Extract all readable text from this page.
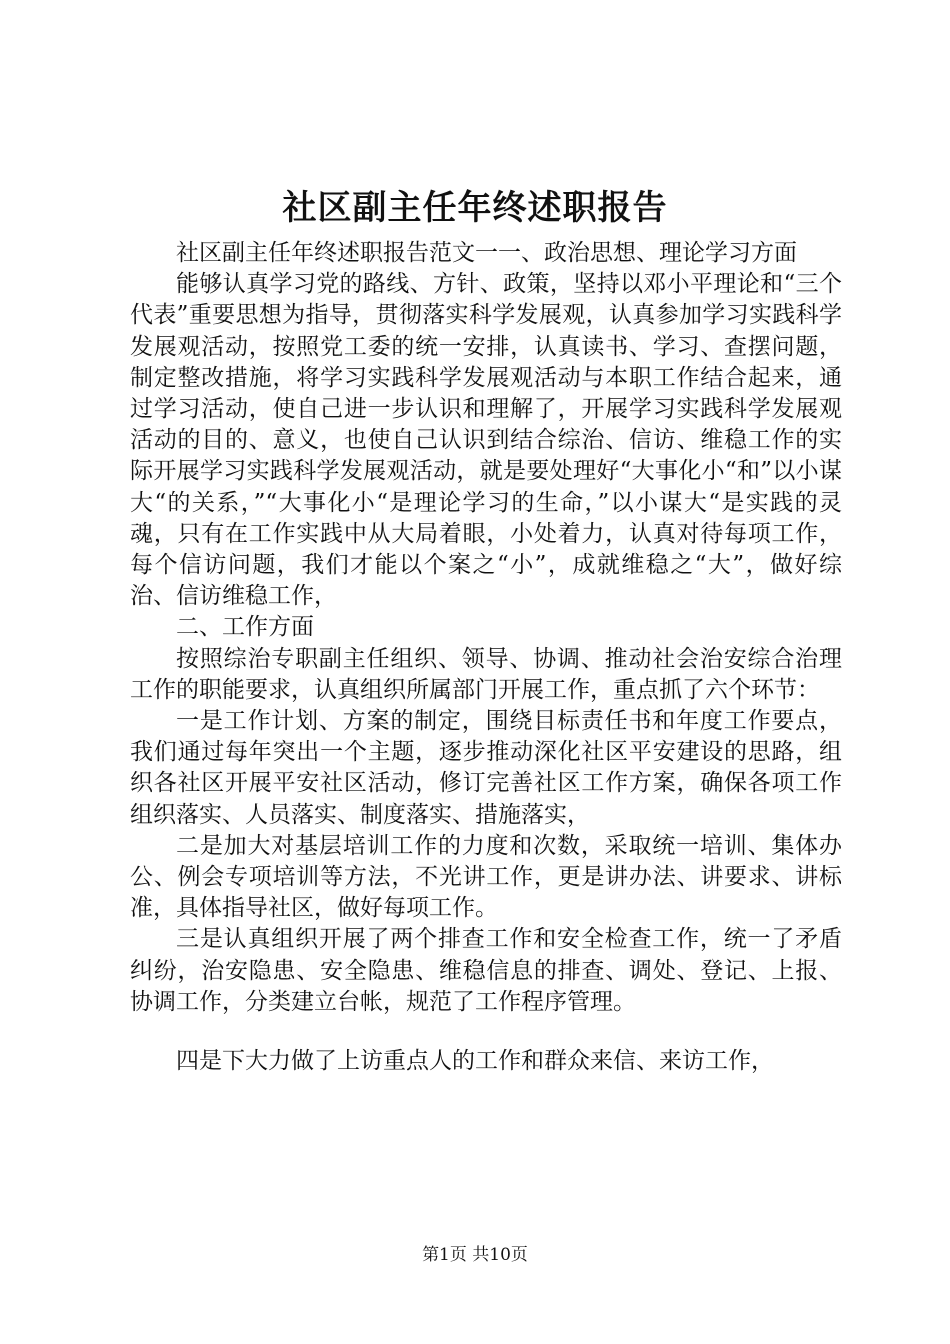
社区副主任年终述职报告

社区副主任年终述职报告范文一一、政治思想、理论学习方面

能够认真学习党的路线、方针、政策，坚持以邓小平理论和“三个代表”重要思想为指导，贯彻落实科学发展观，认真参加学习实践科学发展观活动，按照党工委的统一安排，认真读书、学习、查摆问题，制定整改措施，将学习实践科学发展观活动与本职工作结合起来，通过学习活动，使自己进一步认识和理解了，开展学习实践科学发展观活动的目的、意义，也使自己认识到结合综治、信访、维稳工作的实际开展学习实践科学发展观活动，就是要处理好“大事化小“和”以小谋大“的关系，”“大事化小“是理论学习的生命，”以小谋大“是实践的灵魂，只有在工作实践中从大局着眼，小处着力，认真对待每项工作，每个信访问题，我们才能以个案之“小”，成就维稳之“大”，做好综治、信访维稳工作，

二、工作方面

按照综治专职副主任组织、领导、协调、推动社会治安综合治理工作的职能要求，认真组织所属部门开展工作，重点抓了六个环节：

一是工作计划、方案的制定，围绕目标责任书和年度工作要点，我们通过每年突出一个主题，逐步推动深化社区平安建设的思路，组织各社区开展平安社区活动，修订完善社区工作方案，确保各项工作组织落实、人员落实、制度落实、措施落实，

二是加大对基层培训工作的力度和次数，采取统一培训、集体办公、例会专项培训等方法，不光讲工作，更是讲办法、讲要求、讲标准，具体指导社区，做好每项工作。

三是认真组织开展了两个排查工作和安全检查工作，统一了矛盾纠纷，治安隐患、安全隐患、维稳信息的排查、调处、登记、上报、协调工作，分类建立台帐，规范了工作程序管理。

四是下大力做了上访重点人的工作和群众来信、来访工作，

第1页 共10页
